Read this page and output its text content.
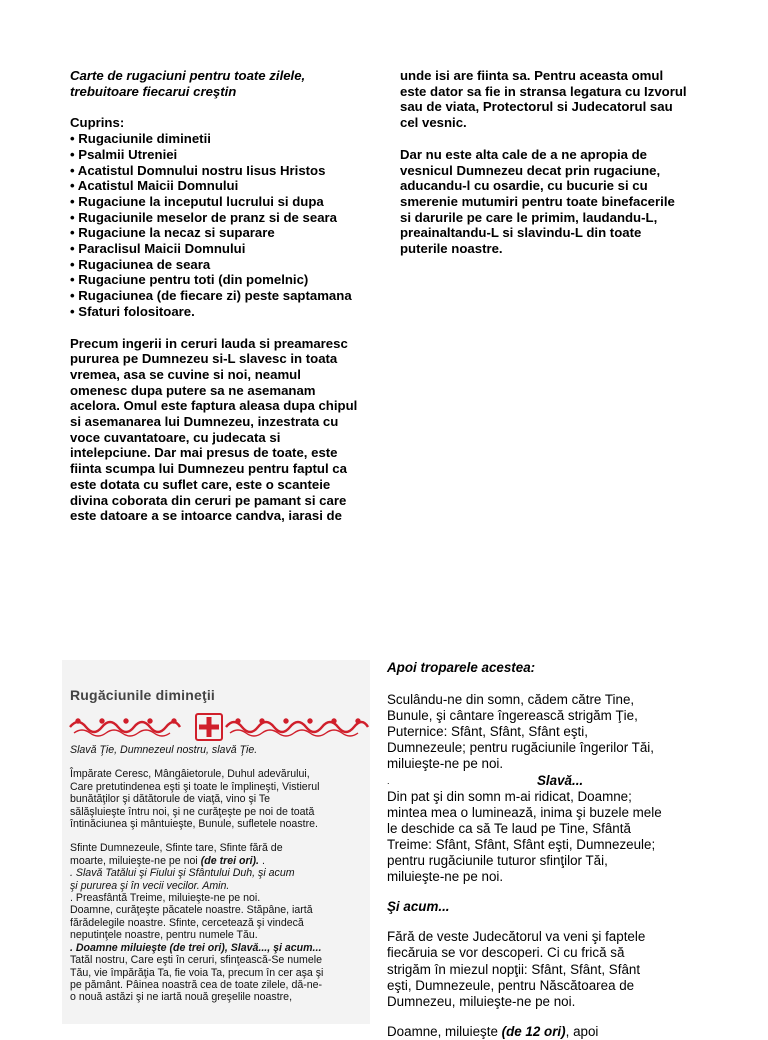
Carte de rugaciuni pentru toate zilele,
trebuitoare fiecarui creştin

Cuprins:

• Rugaciunile diminetii

• Psalmii Utreniei

• Acatistul Domnului nostru Iisus Hristos

• Acatistul Maicii Domnului

• Rugaciune la inceputul lucrului si dupa

• Rugaciunile meselor de pranz si de seara

• Rugaciune la necaz si suparare

• Paraclisul Maicii Domnului

• Rugaciunea de seara

• Rugaciune pentru toti (din pomelnic)

• Rugaciunea (de fiecare zi) peste saptamana

• Sfaturi folositoare.

Precum ingerii in ceruri lauda si preamaresc
pururea pe Dumnezeu si-L slavesc in toata
vremea, asa se cuvine si noi, neamul
omenesc dupa putere sa ne asemanam
acelora. Omul este faptura aleasa dupa chipul
si asemanarea lui Dumnezeu, inzestrata cu
voce cuvantatoare, cu judecata si
intelepciune. Dar mai presus de toate, este
fiinta scumpa lui Dumnezeu pentru faptul ca
este dotata cu suflet care, este o scanteie
divina coborata din ceruri pe pamant si care
este datoare a se intoarce candva, iarasi de

unde isi are fiinta sa. Pentru aceasta omul
este dator sa fie in stransa legatura cu Izvorul
sau de viata, Protectorul si Judecatorul sau
cel vesnic.

Dar nu este alta cale de a ne apropia de
vesnicul Dumnezeu decat prin rugaciune,
aducandu-l cu osardie, cu bucurie si cu
smerenie mutumiri pentru toate binefacerile
si darurile pe care le primim, laudandu-L,
preainaltandu-L si slavindu-L din toate
puterile noastre.

Rugăciunile dimineţii

Slavă Ţie, Dumnezeul nostru, slavă Ţie.

Împărate Ceresc, Mângâietorule, Duhul adevărului,
Care pretutindenea eşti şi toate le împlineşti, Vistierul
bunătăţilor şi dătătorule de viaţă, vino şi Te
sălăşluieşte întru noi, şi ne curăţeşte pe noi de toată
întinăciunea şi mântuieşte, Bunule, sufletele noastre.

Sfinte Dumnezeule, Sfinte tare, Sfinte fără de
moarte, miluieşte-ne pe noi (de trei ori). .

. Slavă Tatălui şi Fiului şi Sfântului Duh, şi acum
şi pururea şi în vecii vecilor. Amin.

. Preasfântă Treime, miluieşte-ne pe noi.
Doamne, curăţeşte păcatele noastre. Stăpâne, iartă
fărădelegile noastre. Sfinte, cercetează şi vindecă
neputinţele noastre, pentru numele Tău.

. Doamne miluieşte (de trei ori), Slavă..., şi acum...

Tatăl nostru, Care eşti în ceruri, sfinţească-Se numele
Tău, vie împărăţia Ta, fie voia Ta, precum în cer aşa şi
pe pământ. Pâinea noastră cea de toate zilele, dă-ne-
o nouă astăzi şi ne iartă nouă greşelile noastre,

Apoi troparele acestea:

Sculându-ne din somn, cădem către Tine,
Bunule, şi cântare îngerească strigăm Ţie,
Puternice: Sfânt, Sfânt, Sfânt eşti,
Dumnezeule; pentru rugăciunile îngerilor Tăi,
miluieşte-ne pe noi.

.	Slavă...

Din pat şi din somn m-ai ridicat, Doamne;
mintea mea o luminează, inima şi buzele mele
le deschide ca să Te laud pe Tine, Sfântă
Treime: Sfânt, Sfânt, Sfânt eşti, Dumnezeule;
pentru rugăciunile tuturor sfinţilor Tăi,
miluieşte-ne pe noi.

Şi acum...

Fără de veste Judecătorul va veni şi faptele
fiecăruia se vor descoperi. Ci cu frică să
strigăm în miezul nopţii: Sfânt, Sfânt, Sfânt
eşti, Dumnezeule, pentru Născătoarea de
Dumnezeu, miluieşte-ne pe noi.

Doamne, miluieşte (de 12 ori), apoi
